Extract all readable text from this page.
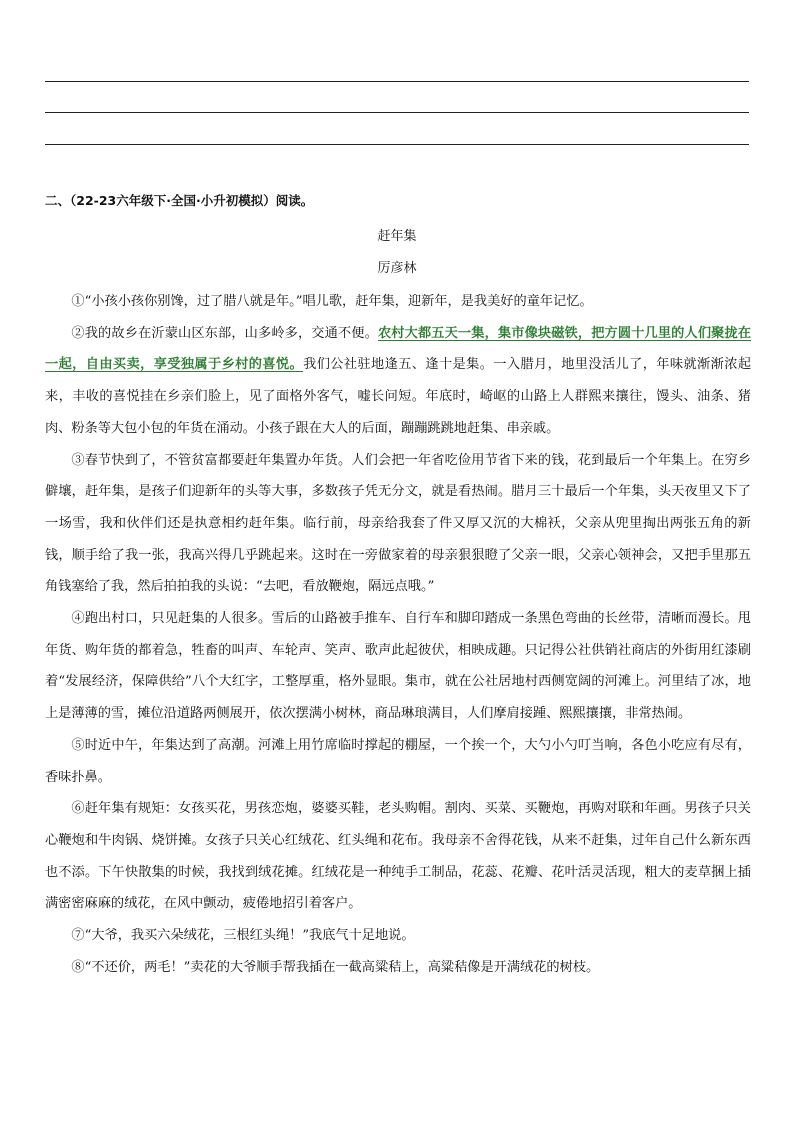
二、（22-23六年级下·全国·小升初模拟）阅读。
赶年集
厉彦林

①“小孩小孩你别馋，过了腊八就是年。”唱儿歌，赶年集，迎新年，是我美好的童年记忆。

②我的故乡在沂蒙山区东部，山多岭多，交通不便。农村大都五天一集，集市像块磁铁，把方圆十几里的人们聚拢在一起，自由买卖，享受独属于乡村的喜悦。我们公社驻地逢五、逢十是集。一入腊月，地里没活儿了，年味就渐渐浓起来，丰收的喜悦挂在乡亲们脸上，见了面格外客气，嘘长问短。年底时，崎岖的山路上人群熙来攘往，馒头、油条、猪肉、粉条等大包小包的年货在涌动。小孩子跟在大人的后面，蹦蹦跳跳地赶集、串亲戚。

③春节快到了，不管贫富都要赶年集置办年货。人们会把一年省吃俭用节省下来的钱，花到最后一个年集上。在穷乡僻壤，赶年集，是孩子们迎新年的头等大事，多数孩子凭无分文，就是看热闹。腊月三十最后一个年集，头天夜里又下了一场雪，我和伙伴们还是执意相约赶年集。临行前，母亲给我套了件又厚又沉的大棉袄，父亲从兜里掏出两张五角的新钱，顺手给了我一张，我高兴得几乎跳起来。这时在一旁做家着的母亲狠狠瞪了父亲一眼，父亲心领神会，又把手里那五角钱塞给了我，然后拍拍我的头说：“去吧，看放鞭炮，隔远点哦。”

④跑出村口，只见赶集的人很多。雪后的山路被手推车、自行车和脚印踏成一条黑色弯曲的长丝带，清晰而漫长。甩年货、购年货的都着急，牲畜的叫声、车轮声、笑声、歌声此起彼伏，相映成趣。只记得公社供销社商店的外街用红漆刷着“发展经济，保障供给”八个大红字，工整厚重，格外显眼。集市，就在公社居地村西侧宽阔的河滩上。河里结了冰，地上是薄薄的雪，摊位沿道路两侧展开，依次摆满小树林，商品琳琅满目，人们摩肩接踵、熙熙攘攘，非常热闹。

⑤时近中午，年集达到了高潮。河滩上用竹席临时撑起的棚屋，一个挨一个，大勺小勺叮当响，各色小吃应有尽有，香味扑鼻。

⑥赶年集有规矩：女孩买花，男孩恋炮，婆婆买鞋，老头购帽。割肉、买菜、买鞭炮，再购对联和年画。男孩子只关心鞭炮和牛肉锅、烧饼摊。女孩子只关心红绒花、红头绳和花布。我母亲不舍得花钱，从来不赶集，过年自己什么新东西也不添。下午快散集的时候，我找到绒花摊。红绒花是一种纯手工制品，花蕊、花瓣、花叶活灵活现，粗大的麦草捆上插满密密麻麻的绒花，在风中颤动，疲倦地招引着客户。

⑦“大爷，我买六朵绒花，三根红头绳！”我底气十足地说。

⑧“不还价，两毛！”卖花的大爷顺手帮我插在一截高粱秸上，高粱秸像是开满绒花的树枝。
